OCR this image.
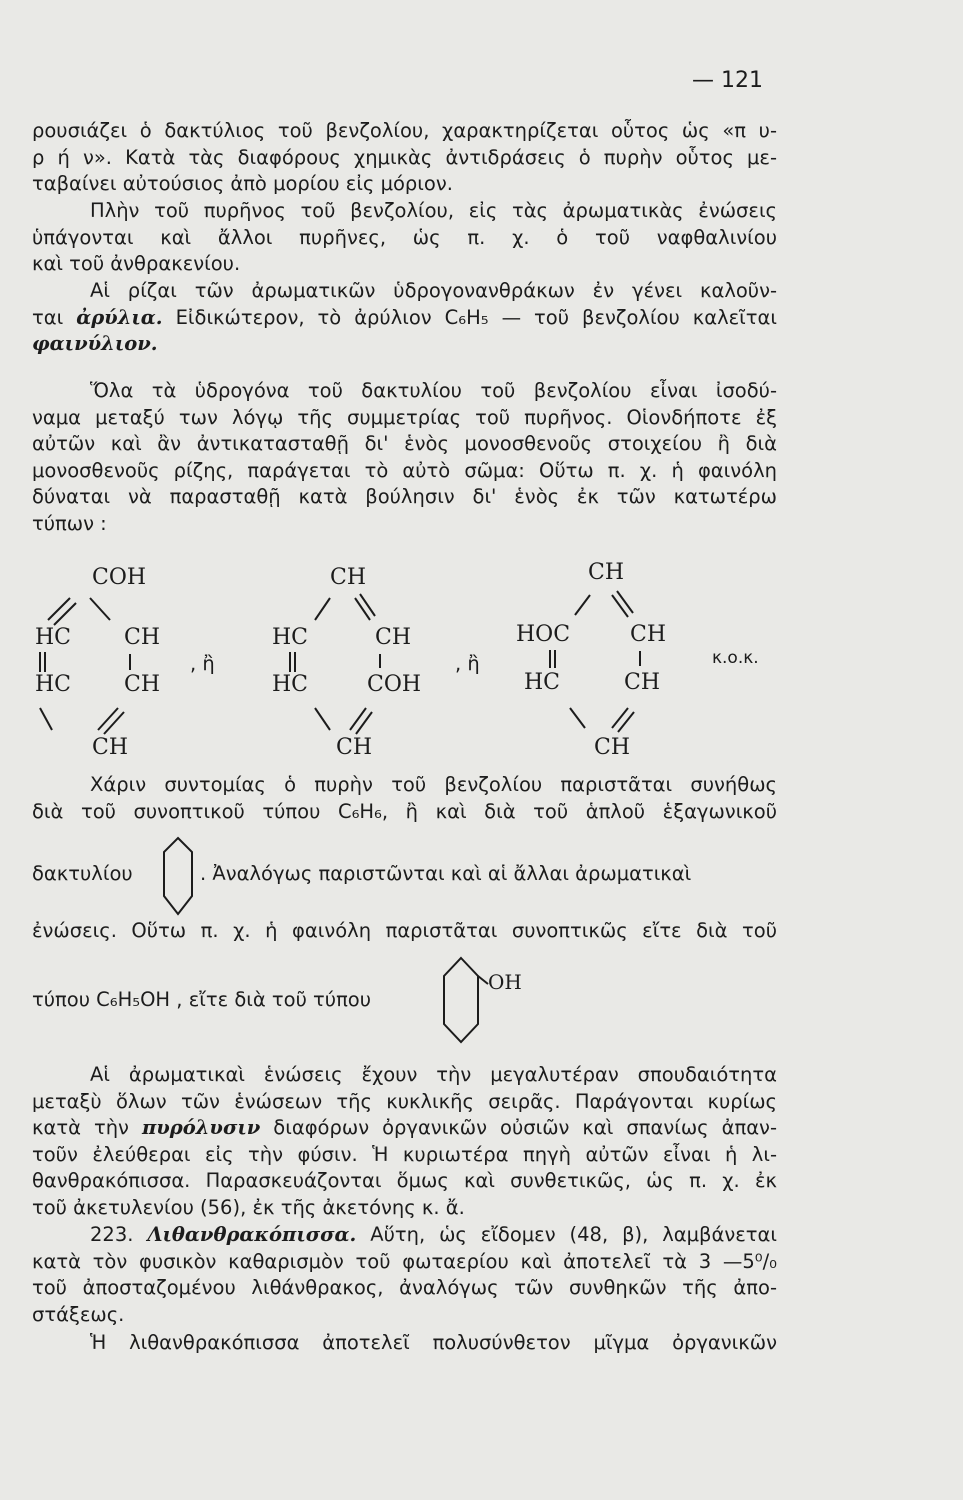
— 121
ρουσιάζει ὁ δακτύλιος τοῦ βενζολίου, χαρακτηρίζεται οὗτος ὡς «π υ-
ρ ή ν». Κατὰ τὰς διαφόρους χημικὰς ἀντιδράσεις ὁ πυρὴν οὗτος με-
ταβαίνει αὐτούσιος ἀπὸ μορίου εἰς μόριον.
Πλὴν τοῦ πυρῆνος τοῦ βενζολίου, εἰς τὰς ἀρωματικὰς ἐνώσεις
ὑπάγονται καὶ ἄλλοι πυρῆνες, ὡς π. χ. ὁ τοῦ ναφθαλινίου
καὶ τοῦ ἀνθρακενίου.
Αἱ ρίζαι τῶν ἀρωματικῶν ὑδρογονανθράκων ἐν γένει καλοῦν-
ται ἀρύλια. Εἰδικώτερον, τὸ ἀρύλιον C₆H₅ — τοῦ βενζολίου καλεῖται
φαινύλιον.
Ὅλα τὰ ὑδρογόνα τοῦ δακτυλίου τοῦ βενζολίου εἶναι ἰσοδύ-
ναμα μεταξύ των λόγῳ τῆς συμμετρίας τοῦ πυρῆνος. Οἱονδήποτε ἐξ
αὐτῶν καὶ ἂν ἀντικατασταθῇ δι' ἑνὸς μονοσθενοῦς στοιχείου ἢ διὰ
μονοσθενοῦς ρίζης, παράγεται τὸ αὐτὸ σῶμα: Οὕτω π. χ. ἡ φαινόλη
δύναται νὰ παρασταθῇ κατὰ βούλησιν δι' ἑνὸς ἐκ τῶν κατωτέρω
τύπων :
COH
HC CH
HC CH
CH
, ἢ
CH
HC	CH
HC	COH
CH
, ἢ
CH
HOC	CH
HC	CH
CH
κ.ο.κ.
Χάριν συντομίας ὁ πυρὴν τοῦ βενζολίου παριστᾶται συνήθως
διὰ τοῦ συνοπτικοῦ τύπου C₆H₆, ἢ καὶ διὰ τοῦ ἁπλοῦ ἑξαγωνικοῦ
δακτυλίου	. Ἀναλόγως παριστῶνται καὶ αἱ ἄλλαι ἀρωματικαὶ
ἐνώσεις. Οὕτω π. χ. ἡ φαινόλη παριστᾶται συνοπτικῶς εἴτε διὰ τοῦ
τύπου C₆H₅OH , εἴτε διὰ τοῦ τύπου
OH
Αἱ ἀρωματικαὶ ἑνώσεις ἔχουν τὴν μεγαλυτέραν σπουδαιότητα
μεταξὺ ὅλων τῶν ἑνώσεων τῆς κυκλικῆς σειρᾶς. Παράγονται κυρίως
κατὰ τὴν πυρόλυσιν διαφόρων ὀργανικῶν οὐσιῶν καὶ σπανίως ἀπαν-
τοῦν ἐλεύθεραι εἰς τὴν φύσιν. Ἡ κυριωτέρα πηγὴ αὐτῶν εἶναι ἡ λι-
θανθρακόπισσα. Παρασκευάζονται ὅμως καὶ συνθετικῶς, ὡς π. χ. ἐκ
τοῦ ἀκετυλενίου (56), ἐκ τῆς ἀκετόνης κ. ἄ.
223. Λιθανθρακόπισσα. Αὕτη, ὡς εἴδομεν (48, β), λαμβάνεται
κατὰ τὸν φυσικὸν καθαρισμὸν τοῦ φωταερίου καὶ ἀποτελεῖ τὰ 3 —5⁰/₀
τοῦ ἀποσταζομένου λιθάνθρακος, ἀναλόγως τῶν συνθηκῶν τῆς ἀπο-
στάξεως.
Ἡ λιθανθρακόπισσα ἀποτελεῖ πολυσύνθετον μῖγμα ὀργανικῶν
